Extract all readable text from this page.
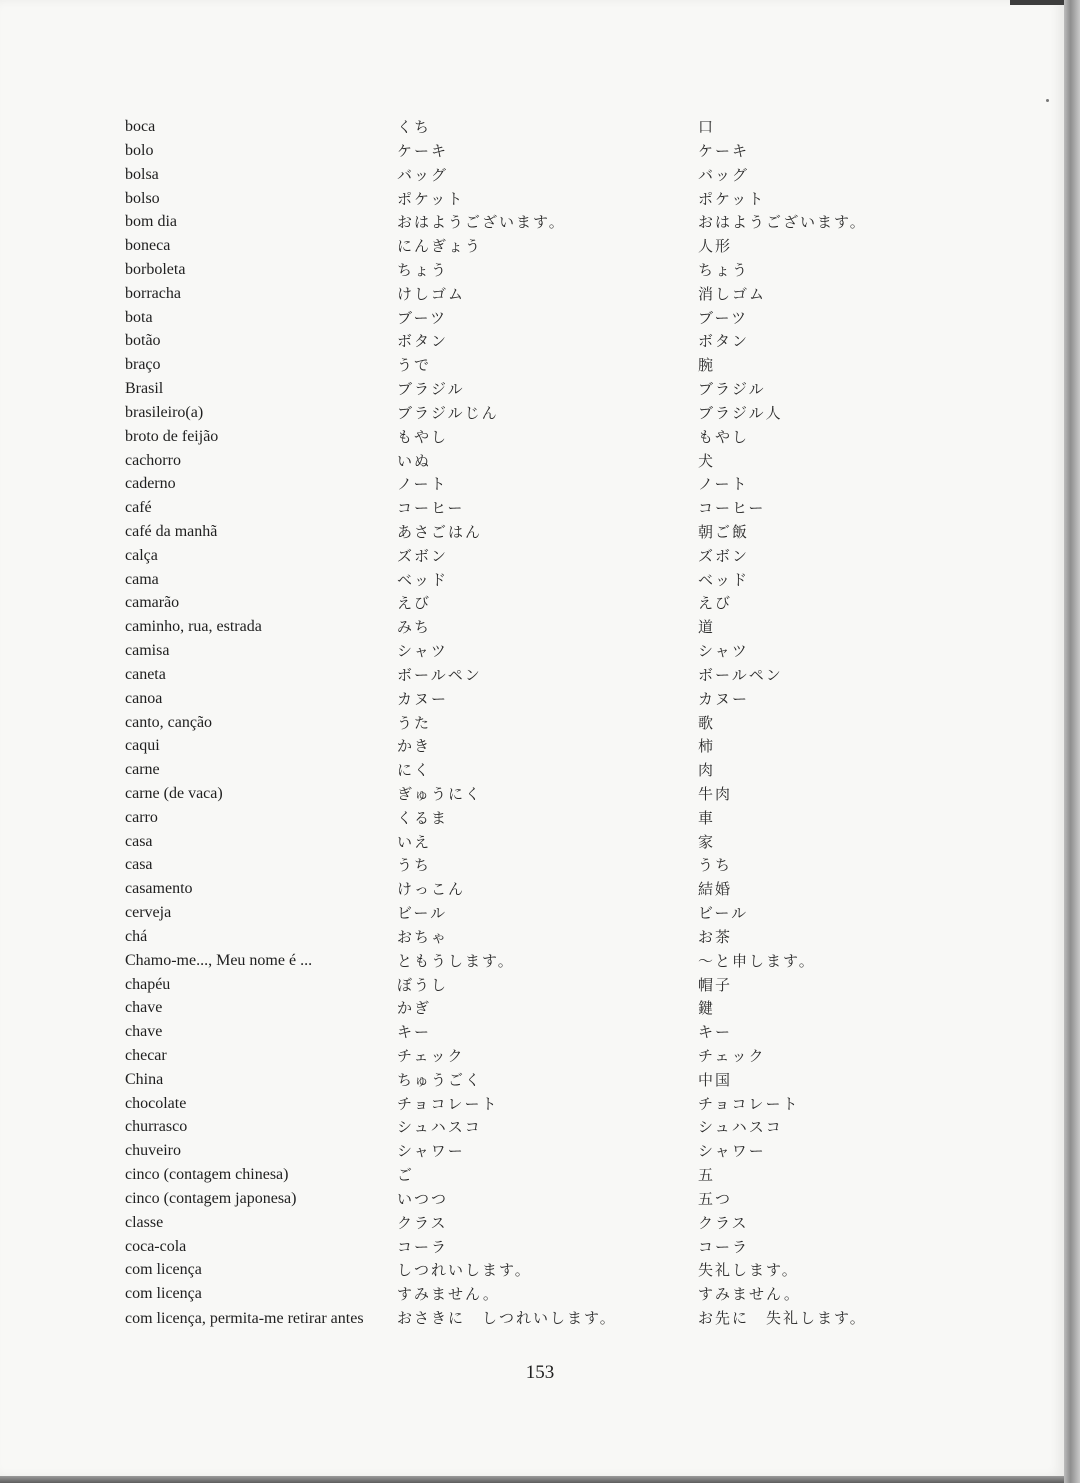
boca	くち	口
bolo	ケーキ	ケーキ
bolsa	バッグ	バッグ
bolso	ポケット	ポケット
bom dia	おはようございます。	おはようございます。
boneca	にんぎょう	人形
borboleta	ちょう	ちょう
borracha	けしゴム	消しゴム
bota	ブーツ	ブーツ
botão	ボタン	ボタン
braço	うで	腕
Brasil	ブラジル	ブラジル
brasileiro(a)	ブラジルじん	ブラジル人
broto de feijão	もやし	もやし
cachorro	いぬ	犬
caderno	ノート	ノート
café	コーヒー	コーヒー
café da manhã	あさごはん	朝ご飯
calça	ズボン	ズボン
cama	ベッド	ベッド
camarão	えび	えび
caminho, rua, estrada	みち	道
camisa	シャツ	シャツ
caneta	ボールペン	ボールペン
canoa	カヌー	カヌー
canto, canção	うた	歌
caqui	かき	柿
carne	にく	肉
carne (de vaca)	ぎゅうにく	牛肉
carro	くるま	車
casa	いえ	家
casa	うち	うち
casamento	けっこん	結婚
cerveja	ビール	ビール
chá	おちゃ	お茶
Chamo-me..., Meu nome é ...	ともうします。	～と申します。
chapéu	ぼうし	帽子
chave	かぎ	鍵
chave	キー	キー
checar	チェック	チェック
China	ちゅうごく	中国
chocolate	チョコレート	チョコレート
churrasco	シュハスコ	シュハスコ
chuveiro	シャワー	シャワー
cinco (contagem chinesa)	ご	五
cinco (contagem japonesa)	いつつ	五つ
classe	クラス	クラス
coca-cola	コーラ	コーラ
com licença	しつれいします。	失礼します。
com licença	すみません。	すみません。
com licença, permita-me retirar antes	おさきに　しつれいします。	お先に　失礼します。
153
